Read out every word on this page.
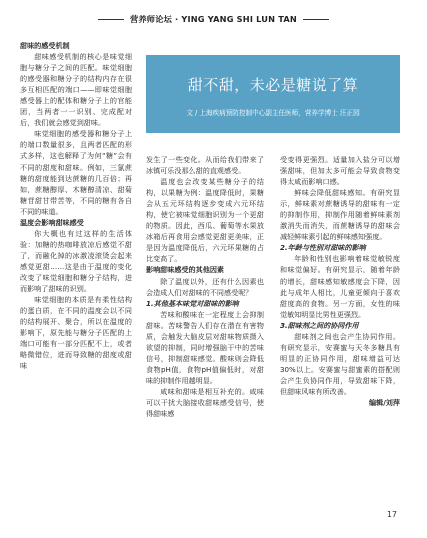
营养师论坛 · YING YANG SHI LUN TAN
甜不甜，未必是糖说了算
文 / 上海疾病预防控制中心副主任医师，营养学博士 汪正园

甜味的感受机制

甜味感受机制的核心是味觉细胞与糖分子之间的匹配。味觉细胞的感受器和糖分子的结构内存在很多互相匹配的端口——即味觉细胞感受器上的配体和糖分子上的官能团，当两者一一识别、完成配对后，我们就会感觉到甜味。

味觉细胞的感受器和糖分子上的端口数量很多，且两者匹配的形式多样，这也解释了为何“糖”会有不同的甜度和甜味。例如，三氯蔗糖的甜度能到达蔗糖的几百倍；再如，蔗糖醇厚、木糖醇清凉、甜菊糖苷甜甘带苦等，不同的糖有各自不同的味道。

温度会影响甜味感受

你大概也有过这样的生活体验：加糖的热咖啡放凉后感觉不甜了，而融化掉的冰激凌滚烫会起来感觉更甜……这是由于温度的变化改变了味觉细胞和糖分子结构，进而影响了甜味的识别。

味觉细胞的本质是有柔性结构的蛋白质，在不同的温度会以不同的结构展开、聚合，所以在温度的影响下，原先能与糖分子匹配的上端口可能有一部分匹配不上，或者略微错位，进而导致糖的甜度或甜味

发生了一些变化。从而给我们带来了冰镇可乐没那么甜的直观感受。

温度也会改变某些糖分子的结构，以果糖为例：温度降低时，果糖会从五元环结构逐步变成六元环结构，使它被味觉细胞识别为一个更甜的物质。因此，西瓜、葡萄等水果放冰箱后再食用会感觉更甜更美味，正是因为温度降低后，六元环果糖的占比变高了。

影响甜味感受的其他因素

除了温度以外，还有什么因素也会造成人们对甜味的不同感受呢？

1.其他基本味觉对甜味的影响

苦味和酸味在一定程度上会抑制甜味。苦味警告人们存在潜在有害物质，会触发大脑皮层对甜味物质摄入欲望的抑制，同时增强脑干中的苦味信号，抑制甜味感觉。酸味则会降低食物pH值，食物pH值偏低时，对甜味的抑制作用越明显。

咸味和甜味是相互补充的。咸味可以干扰大脑接收甜味感受信号，使得甜味感

受变得更强烈。适量加入盐分可以增强甜味，但加太多可能会导致食物变得太咸而影响口感。

鲜味会降低甜味感知。有研究显示，鲜味素对蔗糖诱导的甜味有一定的抑制作用，抑制作用随着鲜味素剂激消失而消失，而蔗糖诱导的甜味会减轻鲜味素引起的鲜味感知强度。

2.年龄与性别对甜味的影响

年龄和性别也影响着味觉敏锐度和味觉偏好。有研究显示，随着年龄的增长，甜味感知敏感度会下降，因此与成年人相比，儿童更倾向于喜欢甜度高的食物。另一方面，女性的味觉敏知明显比男性更强烈。

3.甜味剂之间的协同作用

甜味剂之间也会产生协同作用。有研究显示，安赛蜜与天冬多糖具有明显的正协同作用，甜味增益可达30%以上。安赛蜜与甜蜜素的搭配则会产生负协同作用，导致甜味下降，但甜味风味有所改善。

编辑/刘萍

17
